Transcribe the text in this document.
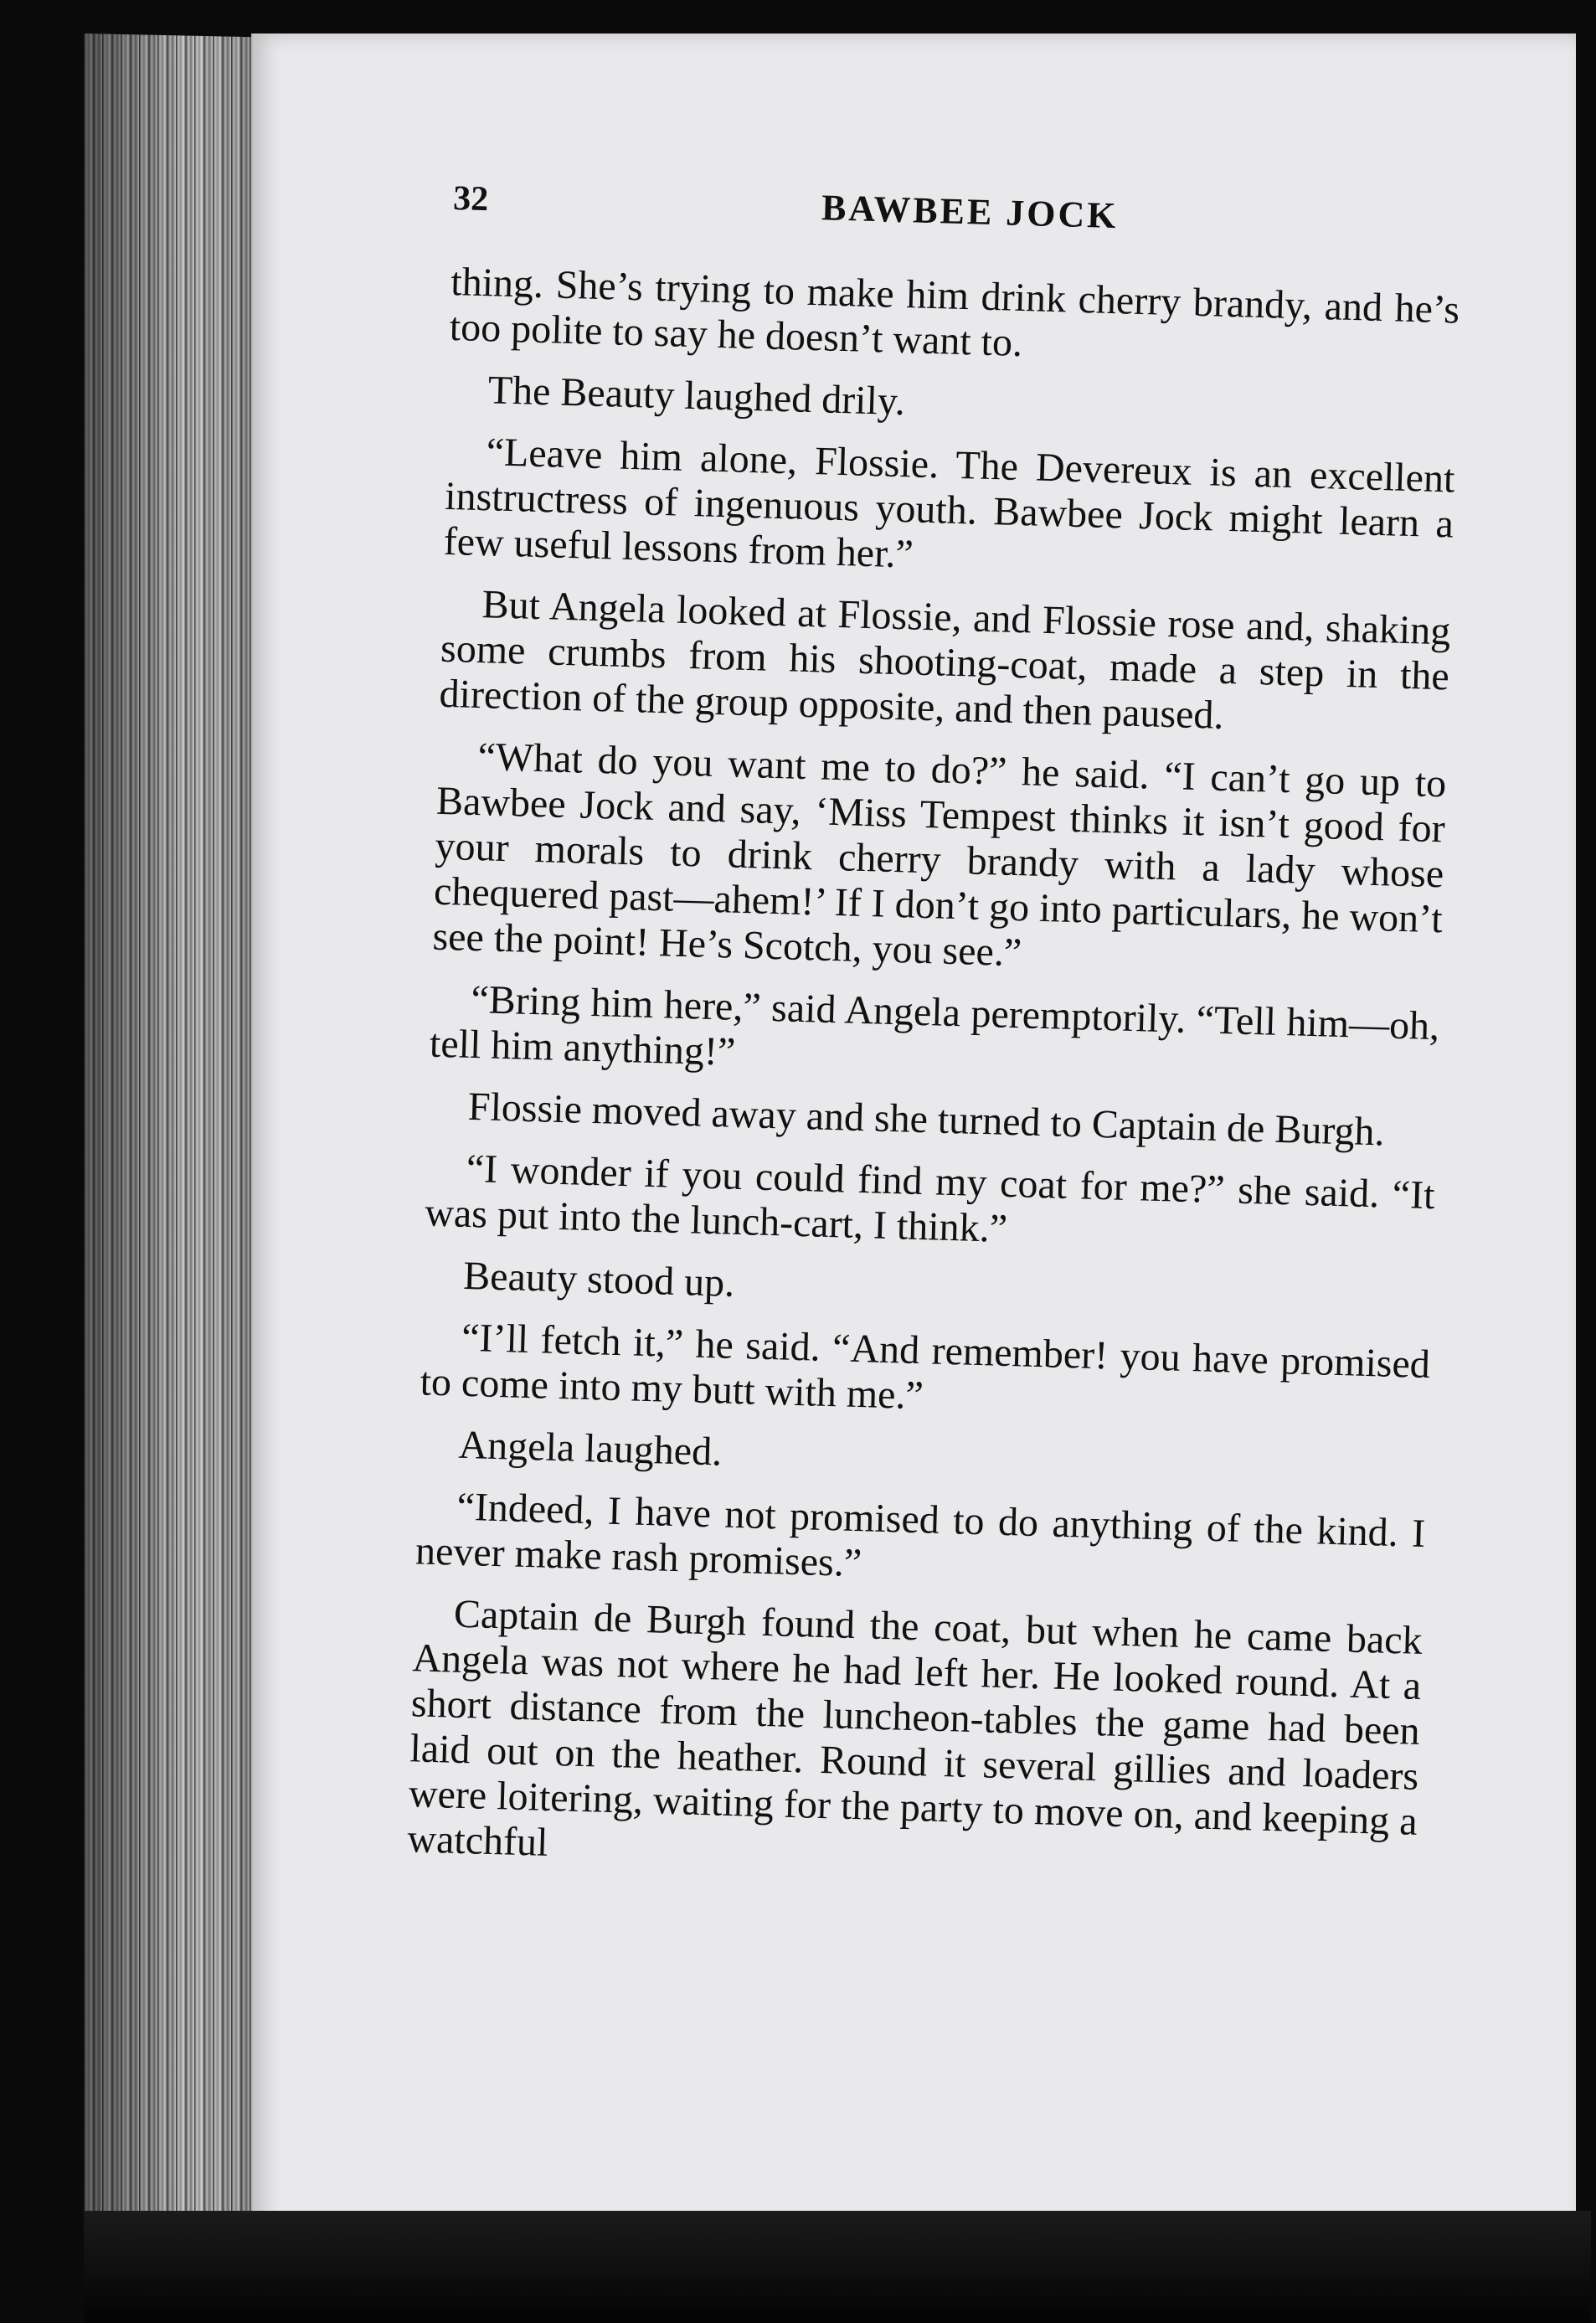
32	BAWBEE JOCK

thing. She’s trying to make him drink cherry brandy, and he’s too polite to say he doesn’t want to.

The Beauty laughed drily.

“Leave him alone, Flossie. The Devereux is an excellent instructress of ingenuous youth. Bawbee Jock might learn a few useful lessons from her.”

But Angela looked at Flossie, and Flossie rose and, shaking some crumbs from his shooting-coat, made a step in the direction of the group opposite, and then paused.

“What do you want me to do?” he said. “I can’t go up to Bawbee Jock and say, ‘Miss Tempest thinks it isn’t good for your morals to drink cherry brandy with a lady whose chequered past—ahem!’ If I don’t go into particulars, he won’t see the point! He’s Scotch, you see.”

“Bring him here,” said Angela peremptorily. “Tell him—oh, tell him anything!”

Flossie moved away and she turned to Captain de Burgh.

“I wonder if you could find my coat for me?” she said. “It was put into the lunch-cart, I think.”

Beauty stood up.

“I’ll fetch it,” he said. “And remember! you have promised to come into my butt with me.”

Angela laughed.

“Indeed, I have not promised to do anything of the kind. I never make rash promises.”

Captain de Burgh found the coat, but when he came back Angela was not where he had left her. He looked round. At a short distance from the luncheon-tables the game had been laid out on the heather. Round it several gillies and loaders were loitering, waiting for the party to move on, and keeping a watchful
